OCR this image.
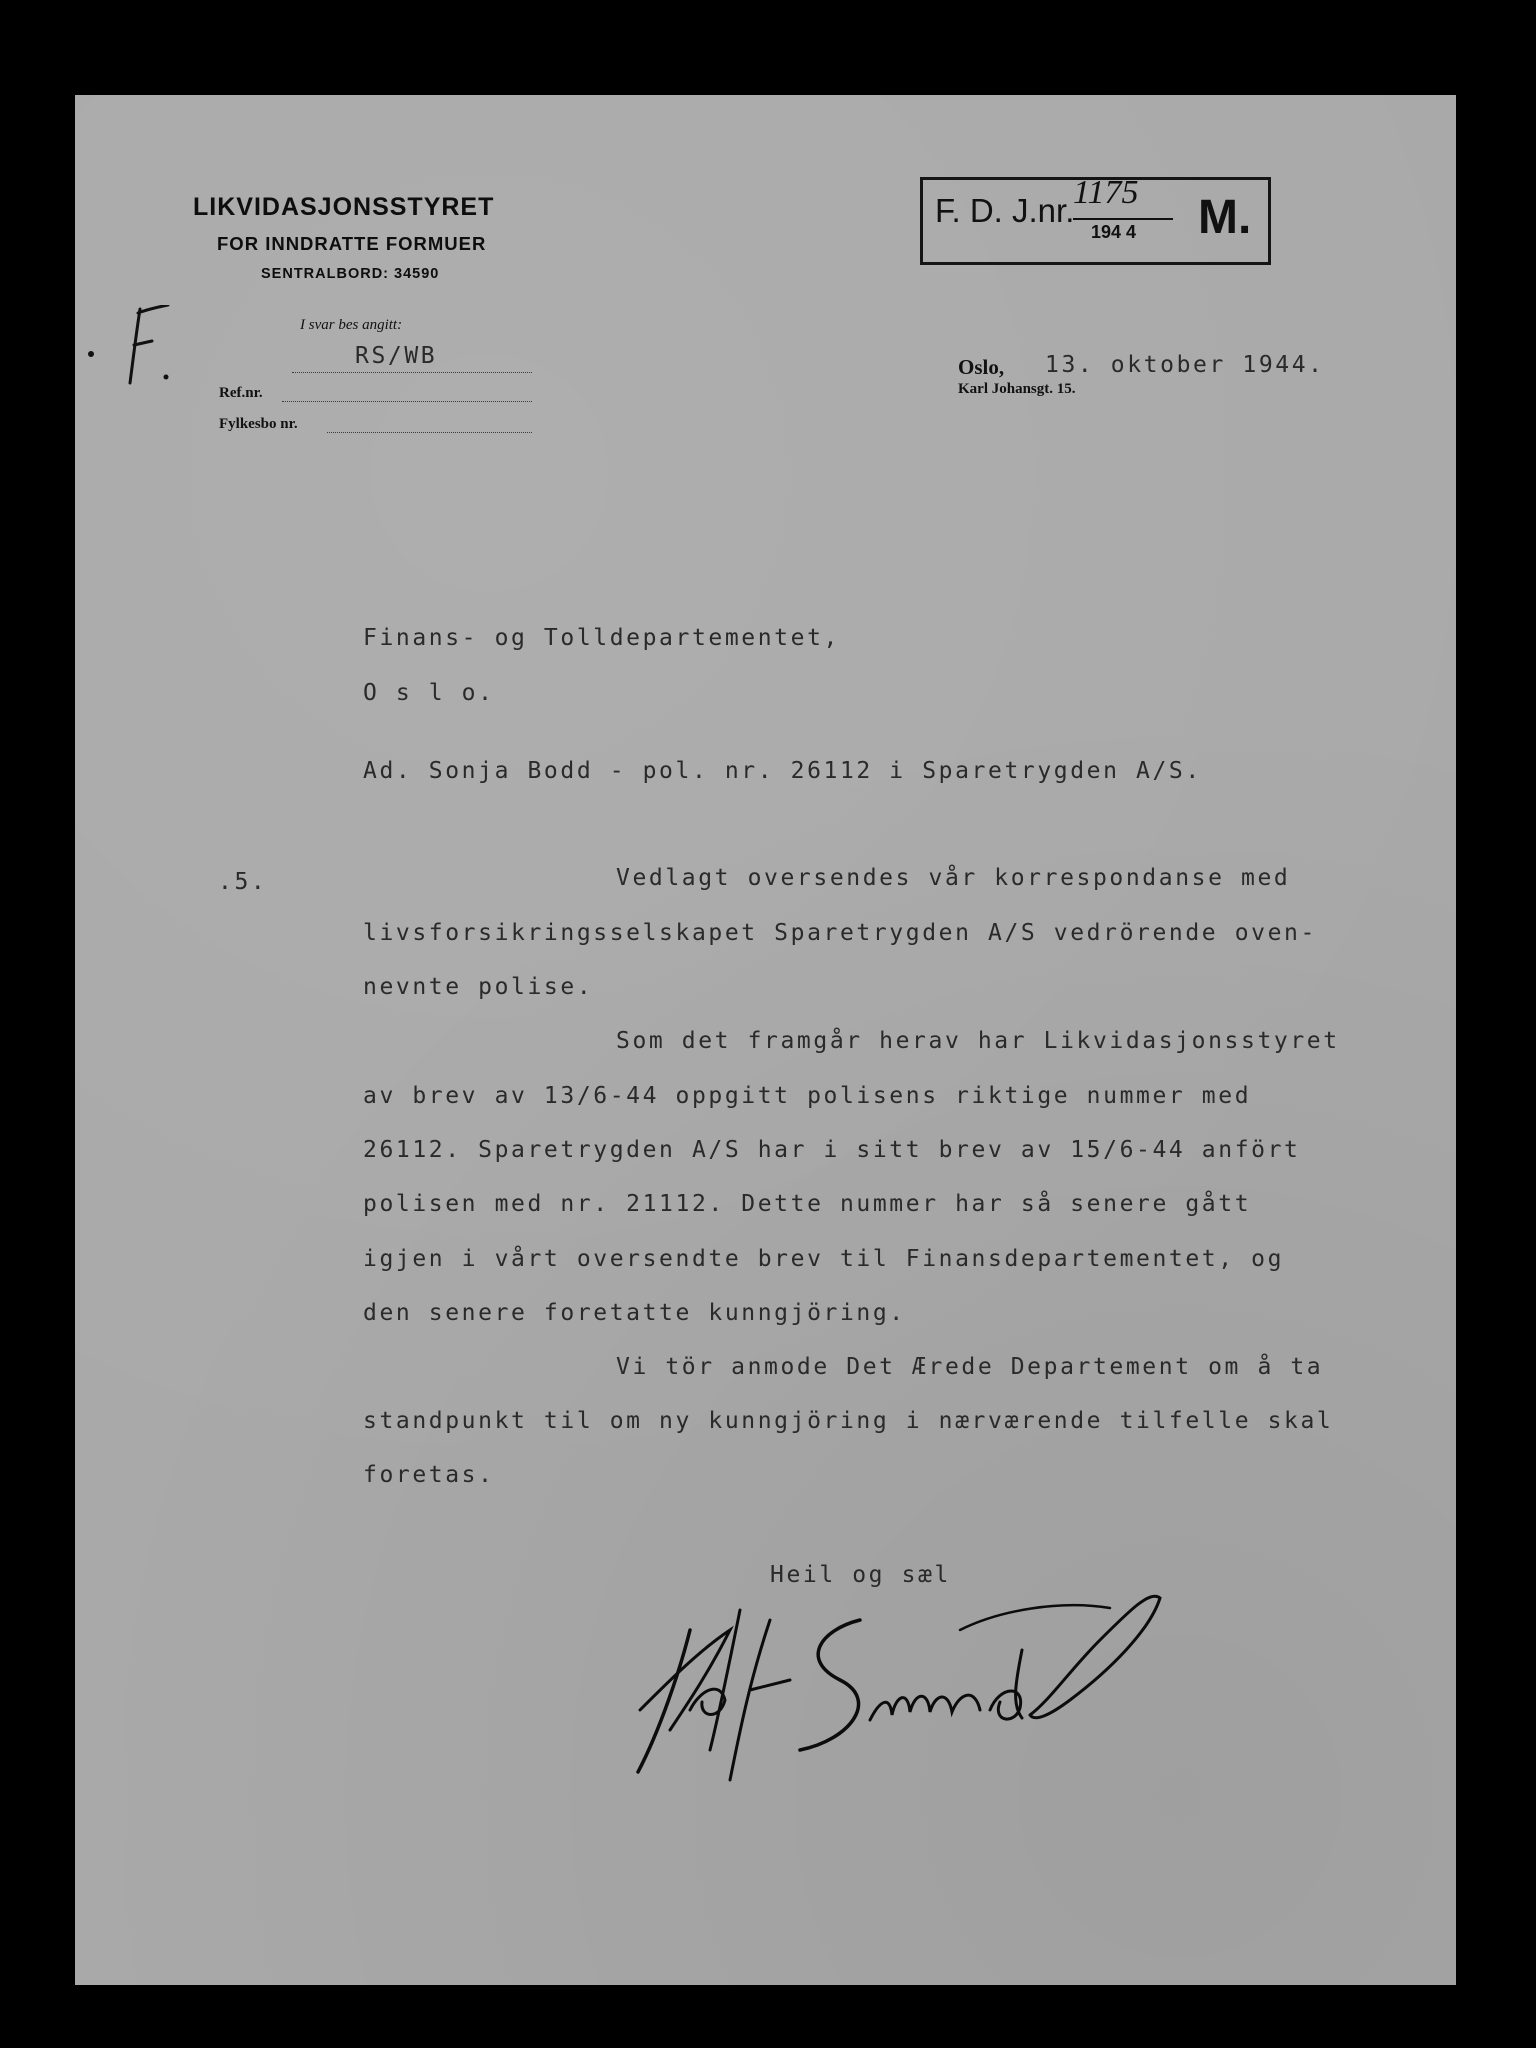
LIKVIDASJONSSTYRET
FOR INNDRATTE FORMUER
SENTRALBORD: 34590
F. D. J.nr.
1175
194 4 M.
I svar bes angitt:
RS/WB
Ref.nr.
Fylkesbo nr.
Oslo, 13. oktober 1944.
Karl Johansgt. 15.
Finans- og Tolldepartementet,
O s l o.
Ad. Sonja Bodd - pol. nr. 26112 i Sparetrygden A/S.
.5.	Vedlagt oversendes vår korrespondanse med
livsforsikringsselskapet Sparetrygden A/S vedrörende oven-
nevnte polise.
Som det framgår herav har Likvidasjonsstyret
av brev av 13/6-44 oppgitt polisens riktige nummer med
26112. Sparetrygden A/S har i sitt brev av 15/6-44 anfört
polisen med nr. 21112. Dette nummer har så senere gått
igjen i vårt oversendte brev til Finansdepartementet, og
den senere foretatte kunngjöring.
Vi tör anmode Det Ærede Departement om å ta
standpunkt til om ny kunngjöring i nærværende tilfelle skal
foretas.
Heil og sæl
